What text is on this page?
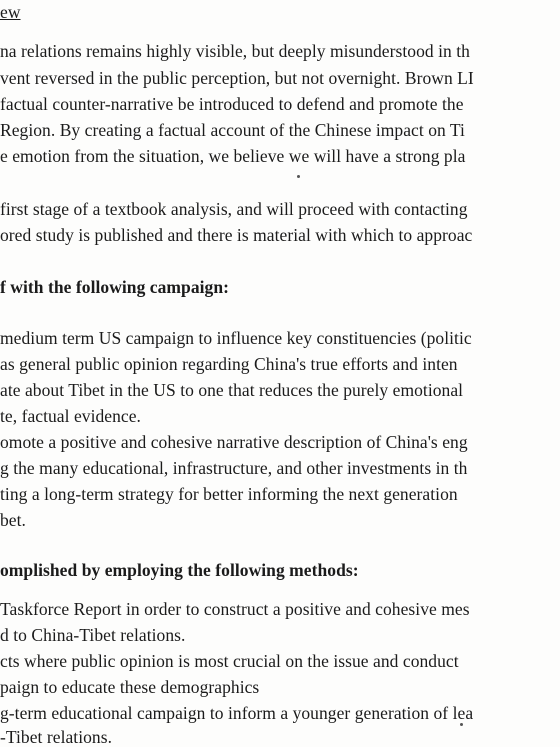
ew
na relations remains highly visible, but deeply misunderstood in th
vent reversed in the public perception, but not overnight. Brown LI
factual counter-narrative be introduced to defend and promote the
Region. By creating a factual account of the Chinese impact on Ti
e emotion from the situation, we believe we will have a strong pla
first stage of a textbook analysis, and will proceed with contacting
ored study is published and there is material with which to approac
f with the following campaign:
medium term US campaign to influence key constituencies (politic
as general public opinion regarding China's true efforts and inten
ate about Tibet in the US to one that reduces the purely emotional
te, factual evidence.
omote a positive and cohesive narrative description of China's eng
g the many educational, infrastructure, and other investments in th
ting a long-term strategy for better informing the next generation
bet.
omplished by employing the following methods:
Taskforce Report in order to construct a positive and cohesive mes
d to China-Tibet relations.
cts where public opinion is most crucial on the issue and conduct
paign to educate these demographics
g-term educational campaign to inform a younger generation of lea
-Tibet relations.
